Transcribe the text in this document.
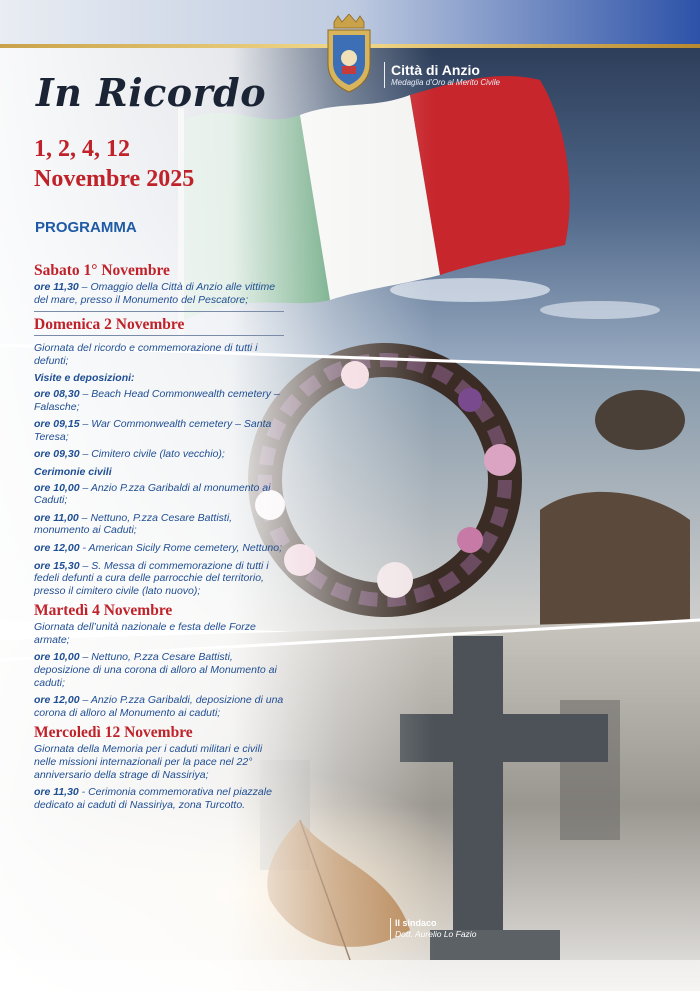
Città di Anzio
Medaglia d’Oro al Merito Civile
In Ricordo
1, 2, 4, 12
Novembre 2025
PROGRAMMA
Sabato 1° Novembre
ore 11,30 – Omaggio della Città di Anzio alle vittime del mare, presso il Monumento del Pescatore;
Domenica 2 Novembre
Giornata del ricordo e commemorazione di tutti i defunti;
Visite e deposizioni:
ore 08,30 – Beach Head Commonwealth cemetery – Falasche;
ore 09,15 – War Commonwealth cemetery – Santa Teresa;
ore 09,30 – Cimitero civile (lato vecchio);
Cerimonie civili
ore 10,00 – Anzio P.zza Garibaldi al monumento ai Caduti;
ore 11,00 – Nettuno, P.zza Cesare Battisti, monumento ai Caduti;
ore 12,00 - American Sicily Rome cemetery, Nettuno;
ore 15,30 – S. Messa di commemorazione di tutti i fedeli defunti a cura delle parrocchie del territorio, presso il cimitero civile (lato nuovo);
Martedì 4 Novembre
Giornata dell’unità nazionale e festa delle Forze armate;
ore 10,00 – Nettuno, P.zza Cesare Battisti, deposizione di una corona di alloro al Monumento ai caduti;
ore 12,00 – Anzio P.zza Garibaldi, deposizione di una corona di alloro al Monumento ai caduti;
Mercoledì 12 Novembre
Giornata della Memoria per i caduti militari e civili nelle missioni internazionali per la pace nel 22° anniversario della strage di Nassiriya;
ore 11,30 - Cerimonia commemorativa nel piazzale dedicato ai caduti di Nassiriya, zona Turcotto.
Il sindaco
Dott. Aurelio Lo Fazio
